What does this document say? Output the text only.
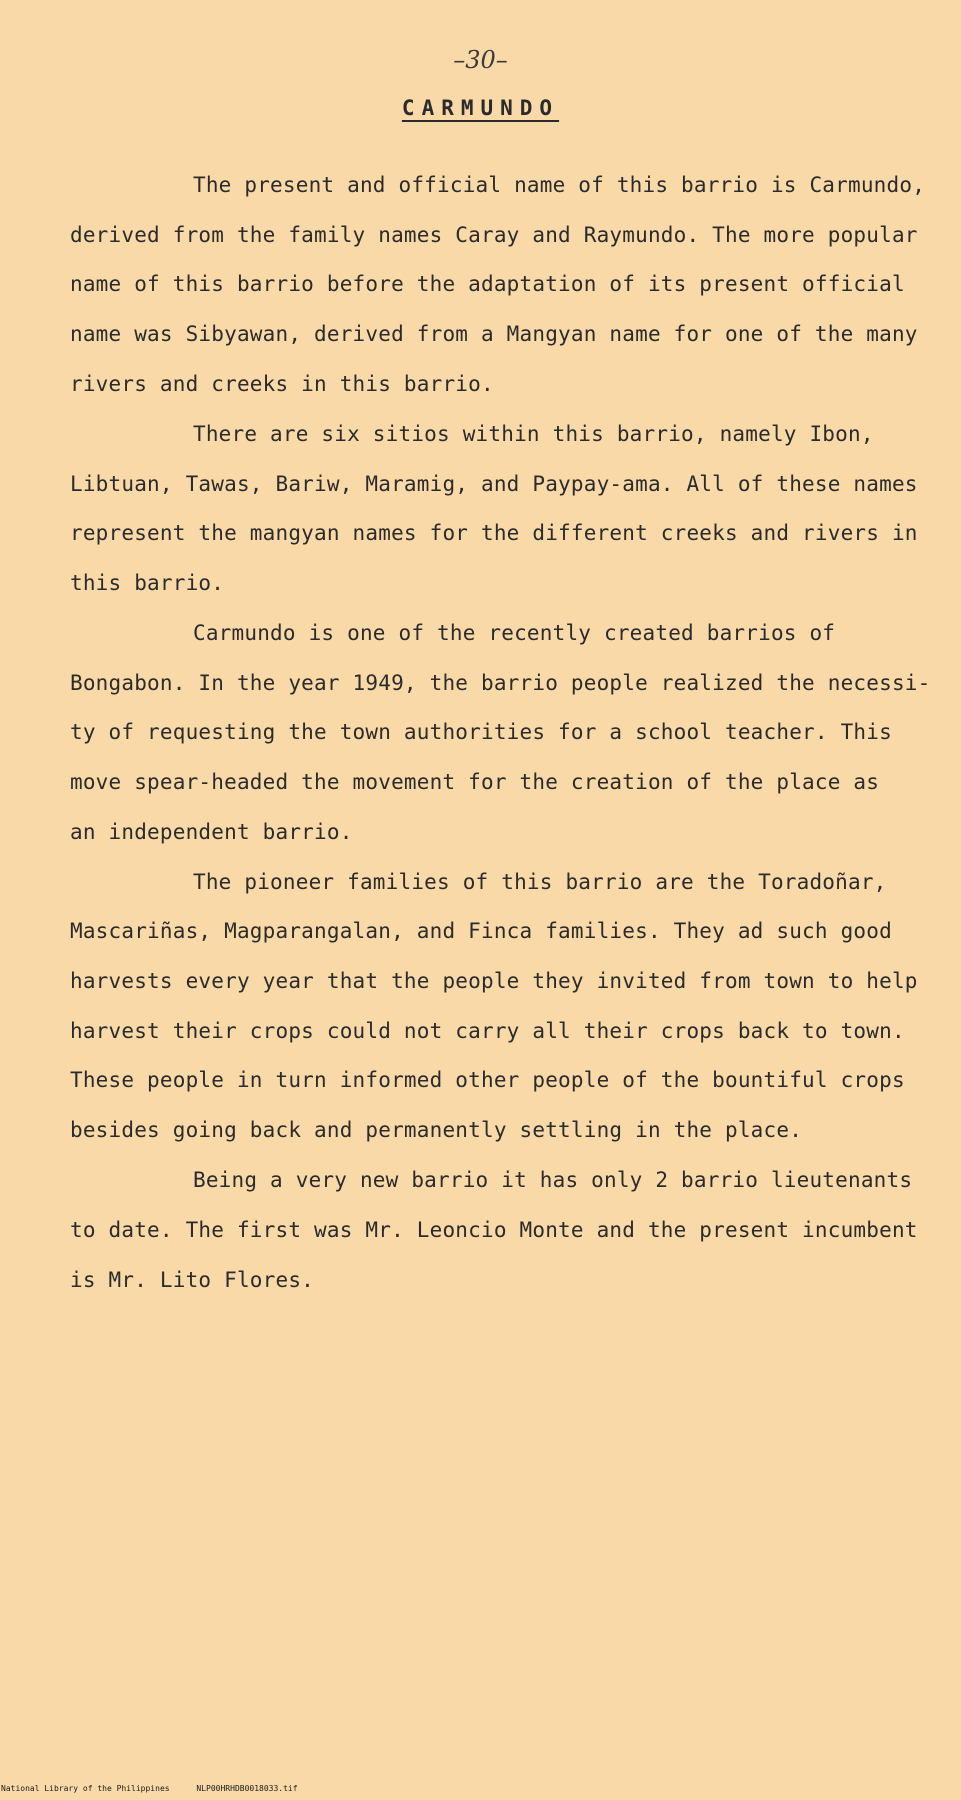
–30–
CARMUNDO
The present and official name of this barrio is Carmundo,
derived from the family names Caray and Raymundo. The more popular
name of this barrio before the adaptation of its present official
name was Sibyawan, derived from a Mangyan name for one of the many
rivers and creeks in this barrio.
There are six sitios within this barrio, namely Ibon,
Libtuan, Tawas, Bariw, Maramig, and Paypay-ama. All of these names
represent the mangyan names for the different creeks and rivers in
this barrio.
Carmundo is one of the recently created barrios of
Bongabon. In the year 1949, the barrio people realized the necessi-
ty of requesting the town authorities for a school teacher. This
move spear-headed the movement for the creation of the place as
an independent barrio.
The pioneer families of this barrio are the Toradoñar,
Mascariñas, Magparangalan, and Finca families. They ad such good
harvests every year that the people they invited from town to help
harvest their crops could not carry all their crops back to town.
These people in turn informed other people of the bountiful crops
besides going back and permanently settling in the place.
Being a very new barrio it has only 2 barrio lieutenants
to date. The first was Mr. Leoncio Monte and the present incumbent
is Mr. Lito Flores.
National Library of the Philippines	NLP00HRHDB0018033.tif
